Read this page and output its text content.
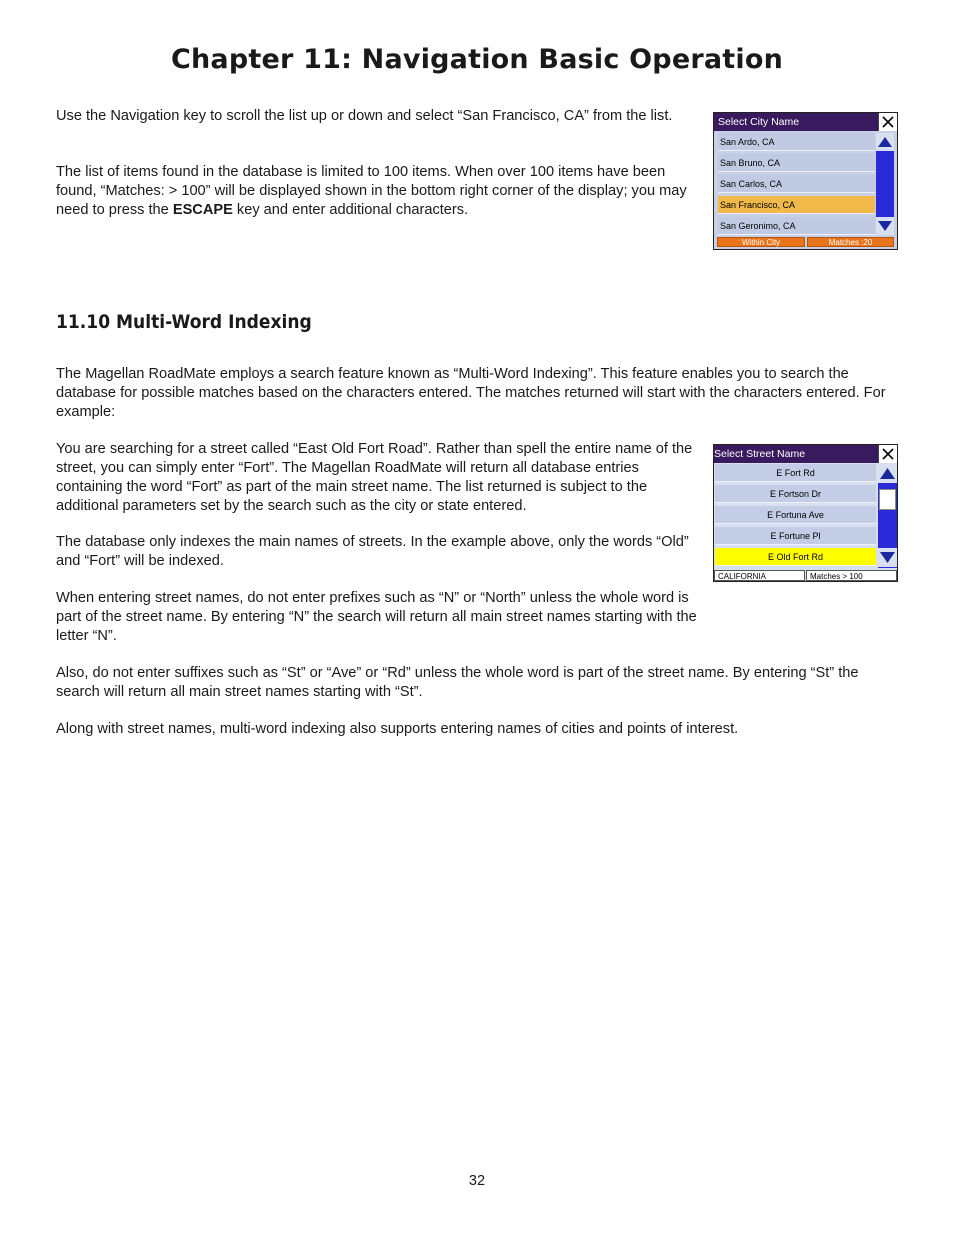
Chapter 11: Navigation Basic Operation

Use the Navigation key to scroll the list up or down and select “San Francisco, CA” from the list.

The list of items found in the database is limited to 100 items. When over 100 items have been found, “Matches: > 100” will be displayed shown in the bottom right corner of the display; you may need to press the ESCAPE key and enter additional characters.

Select City Name
San Ardo, CA
San Bruno, CA
San Carlos, CA
San Francisco, CA
San Geronimo, CA
Within City	Matches :20
11.10 Multi-Word Indexing

The Magellan RoadMate employs a search feature known as “Multi-Word Indexing”. This feature enables you to search the database for possible matches based on the characters entered. The matches returned will start with the characters entered. For example:

You are searching for a street called “East Old Fort Road”. Rather than spell the entire name of the street, you can simply enter “Fort”. The Magellan RoadMate will return all database entries containing the word “Fort” as part of the main street name. The list returned is subject to the additional parameters set by the search such as the city or state entered.

Select Street Name
E Fort Rd
E Fortson Dr
E Fortuna Ave
E Fortune Pl
E Old Fort Rd
CALIFORNIA	Matches > 100

The database only indexes the main names of streets. In the example above, only the words “Old” and “Fort” will be indexed.

When entering street names, do not enter prefixes such as “N” or “North” unless the whole word is part of the street name. By entering “N” the search will return all main street names starting with the letter “N”.

Also, do not enter suffixes such as “St” or “Ave” or “Rd” unless the whole word is part of the street name. By entering “St” the search will return all main street names starting with “St”.

Along with street names, multi-word indexing also supports entering names of cities and points of interest.

32
